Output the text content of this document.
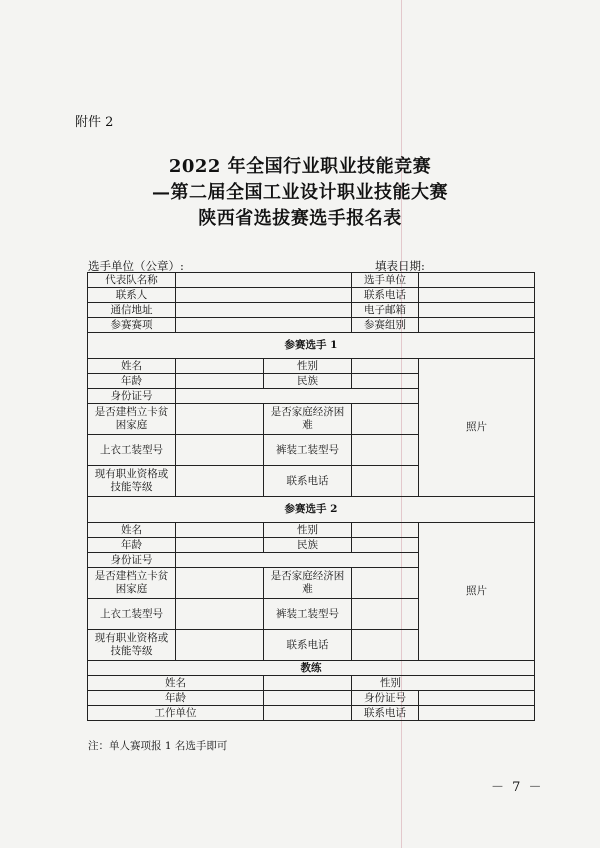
附件 2
2022 年全国行业职业技能竞赛
—第二届全国工业设计职业技能大赛
陕西省选拔赛选手报名表
选手单位（公章）:	填表日期:
代表队名称			选手单位	
联系人			联系电话	
通信地址			电子邮箱	
参赛赛项			参赛组别	
参赛选手 1				
姓名		性别		照片
年龄		民族		
身份证号				
是否建档立卡贫困家庭		是否家庭经济困难		
上衣工装型号		裤装工装型号		
现有职业资格或技能等级		联系电话		

参赛选手 2				
姓名		性别		照片
年龄		民族		
身份证号				
是否建档立卡贫困家庭		是否家庭经济困难		
上衣工装型号		裤装工装型号		
现有职业资格或技能等级		联系电话		
教练				
姓名			性别	
年龄			身份证号	
工作单位			联系电话	
注：单人赛项报 1 名选手即可
－ 7 －
